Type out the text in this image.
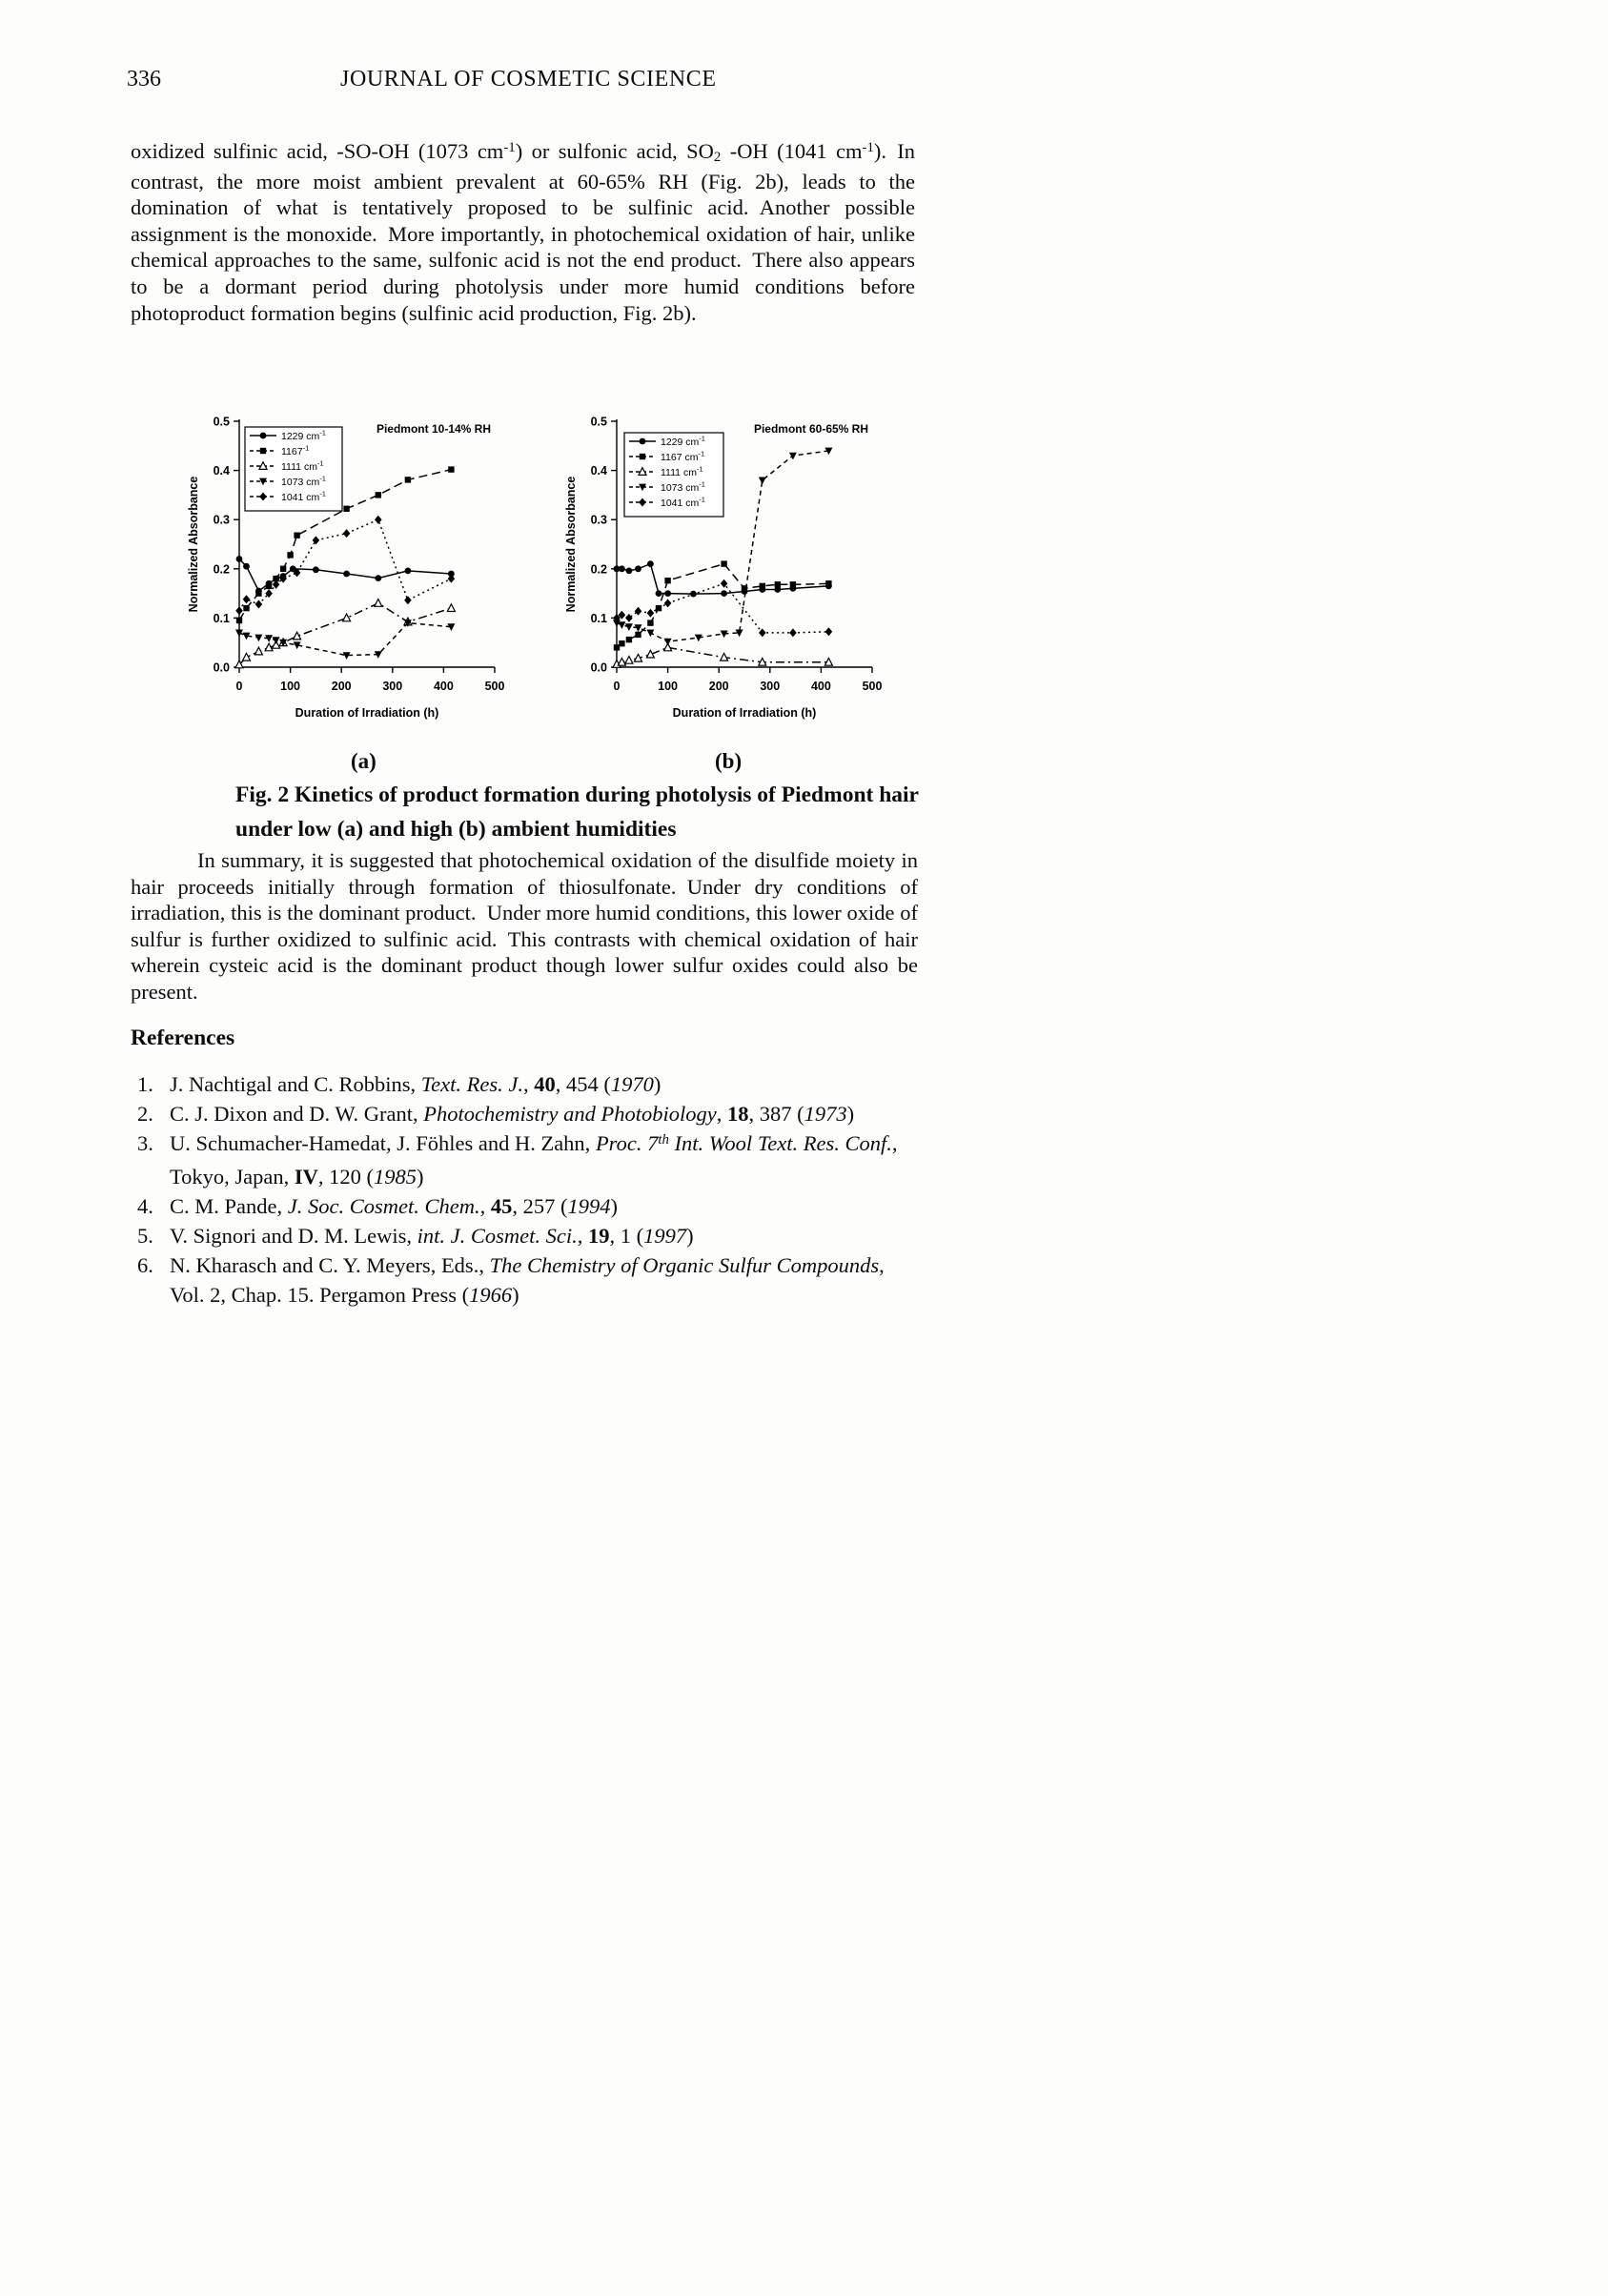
336	JOURNAL OF COSMETIC SCIENCE
oxidized sulfinic acid, -SO-OH (1073 $cm^{-1}$) or sulfonic acid, SO2 -OH (1041 $cm^{-1}$). In contrast, the more moist ambient prevalent at 60-65% RH (Fig. 2b), leads to the domination of what is tentatively proposed to be sulfinic acid. Another possible assignment is the monoxide. More importantly, in photochemical oxidation of hair, unlike chemical approaches to the same, sulfonic acid is not the end product. There also appears to be a dormant period during photolysis under more humid conditions before photoproduct formation begins (sulfinic acid production, Fig. 2b).
0.0
0.1
0.2
0.3
0.4
0.5
0	100	200	300	400	500
Duration of Irradiation (h)
Normalized Absorbance
Piedmont 10-14% RH
1229 $cm^{-1}$
$1167^{-1}$
1111 $cm^{-1}$
1073 $cm^{-1}$
1041 $cm^{-1}$
0.0
0.1
0.2
0.3
0.4
0.5
0	100	200	300	400	500
Duration of Irradiation (h)
Normalized Absorbance
Piedmont 60-65% RH
1229 $cm^{-1}$
1167 $cm^{-1}$
1111 $cm^{-1}$
1073 $cm^{-1}$
1041 $cm^{-1}$
(a)	(b)
Fig. 2 Kinetics of product formation during photolysis of Piedmont hair
under low (a) and high (b) ambient humidities
In summary, it is suggested that photochemical oxidation of the disulfide moiety in hair proceeds initially through formation of thiosulfonate. Under dry conditions of irradiation, this is the dominant product. Under more humid conditions, this lower oxide of sulfur is further oxidized to sulfinic acid. This contrasts with chemical oxidation of hair wherein cysteic acid is the dominant product though lower sulfur oxides could also be present.
References
1. J. Nachtigal and C. Robbins, Text. Res. J., 40, 454 (1970)
2. C. J. Dixon and D. W. Grant, Photochemistry and Photobiology, 18, 387 (1973)
3. U. Schumacher-Hamedat, J. Föhles and H. Zahn, Proc. 7th Int. Wool Text. Res. Conf., Tokyo, Japan, IV, 120 (1985)
4. C. M. Pande, J. Soc. Cosmet. Chem., 45, 257 (1994)
5. V. Signori and D. M. Lewis, int. J. Cosmet. Sci., 19, 1 (1997)
6. N. Kharasch and C. Y. Meyers, Eds., The Chemistry of Organic Sulfur Compounds, Vol. 2, Chap. 15. Pergamon Press (1966)
